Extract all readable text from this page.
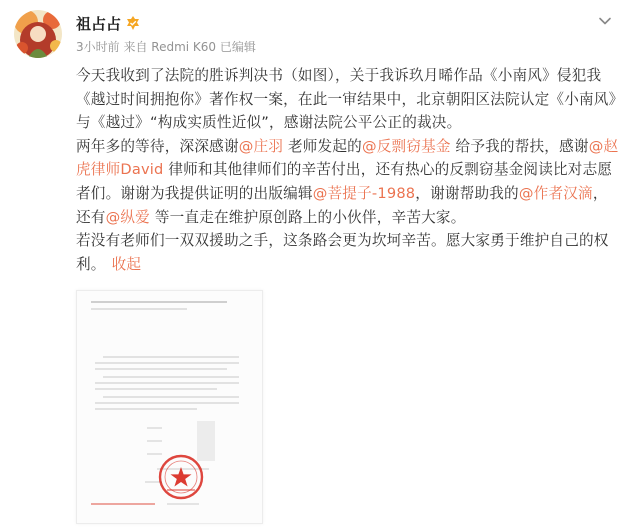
祖占占
3小时前 来自 Redmi K60 已编辑

今天我收到了法院的胜诉判决书（如图），关于我诉玖月晞作品《小南风》侵犯我《越过时间拥抱你》著作权一案，在此一审结果中，北京朝阳区法院认定《小南风》与《越过》“构成实质性近似”，感谢法院公平公正的裁决。

两年多的等待，深深感谢@庄羽 老师发起的@反剽窃基金 给予我的帮扶，感谢@赵虎律师David 律师和其他律师们的辛苦付出，还有热心的反剽窃基金阅读比对志愿者们。谢谢为我提供证明的出版编辑@菩提子-1988，谢谢帮助我的@作者汉滴，还有@纵爱 等一直走在维护原创路上的小伙伴，辛苦大家。

若没有老师们一双双援助之手，这条路会更为坎坷辛苦。愿大家勇于维护自己的权利。 收起
